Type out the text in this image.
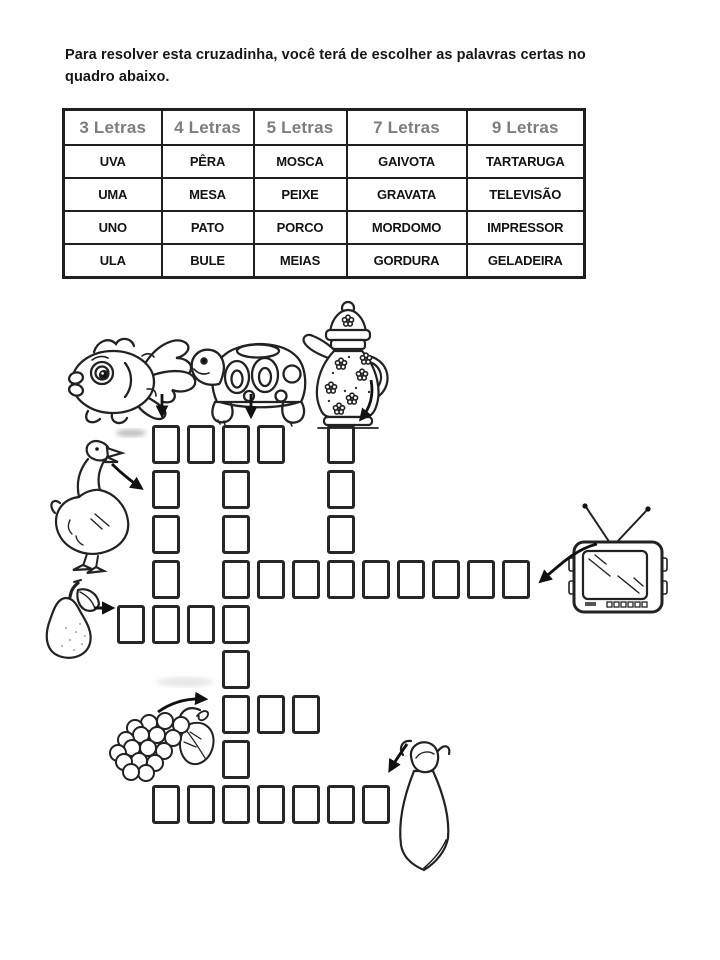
Para resolver esta cruzadinha, você terá de escolher as palavras certas no
quadro abaixo.
3 Letras	4 Letras	5 Letras	7 Letras	9 Letras
UVA	PÊRA	MOSCA	GAIVOTA	TARTARUGA
UMA	MESA	PEIXE	GRAVATA	TELEVISÃO
UNO	PATO	PORCO	MORDOMO	IMPRESSOR
ULA	BULE	MEIAS	GORDURA	GELADEIRA
